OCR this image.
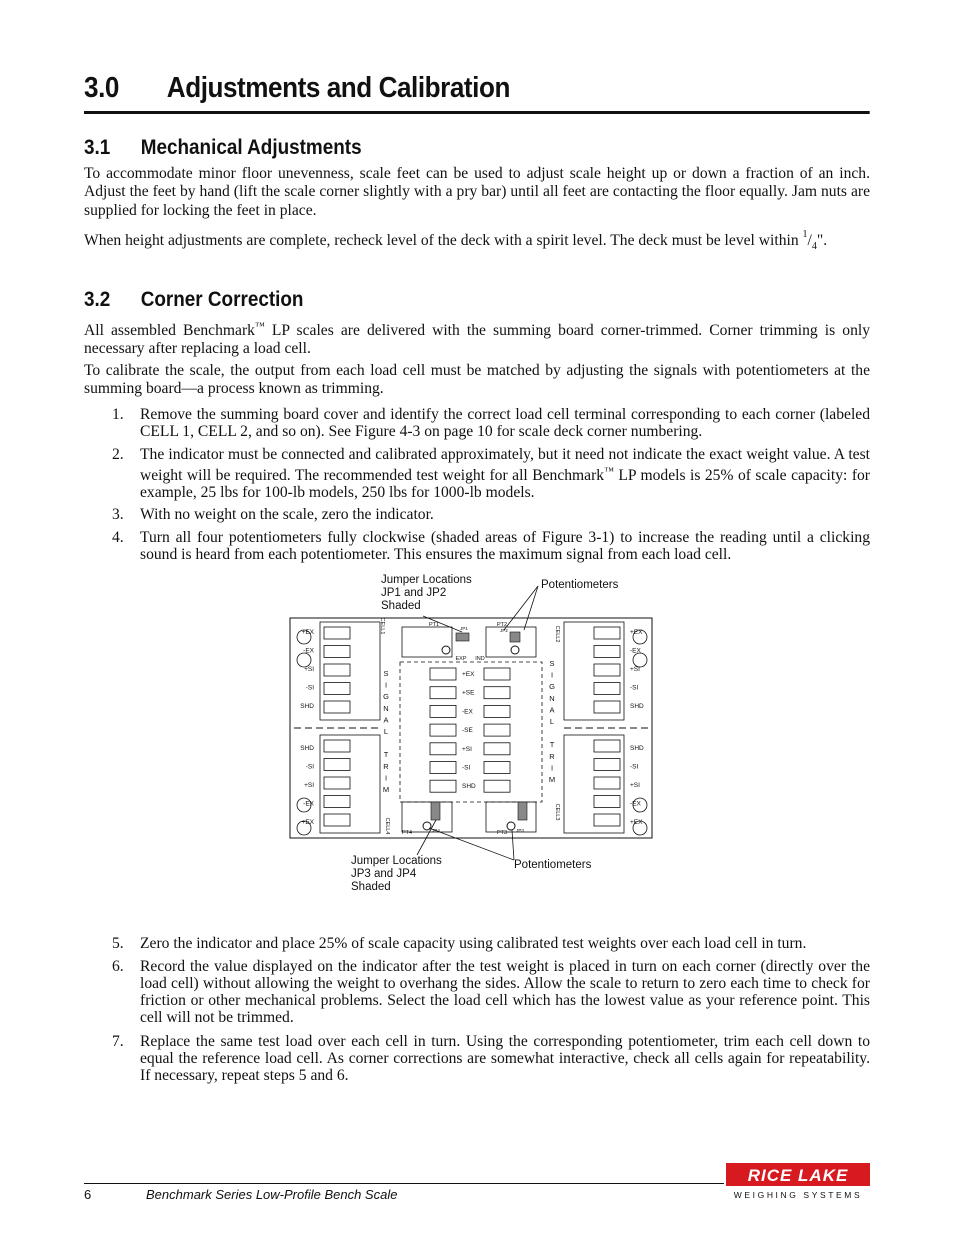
3.0 Adjustments and Calibration
3.1 Mechanical Adjustments
To accommodate minor floor unevenness, scale feet can be used to adjust scale height up or down a fraction of an inch. Adjust the feet by hand (lift the scale corner slightly with a pry bar) until all feet are contacting the floor equally. Jam nuts are supplied for locking the feet in place.
When height adjustments are complete, recheck level of the deck with a spirit level. The deck must be level within $^1/_4$".
3.2 Corner Correction
All assembled Benchmark™ LP scales are delivered with the summing board corner-trimmed. Corner trimming is only necessary after replacing a load cell.
To calibrate the scale, the output from each load cell must be matched by adjusting the signals with potentiometers at the summing board—a process known as trimming.
1.	Remove the summing board cover and identify the correct load cell terminal corresponding to each corner (labeled CELL 1, CELL 2, and so on). See Figure 4-3 on page 10 for scale deck corner numbering.
2.	The indicator must be connected and calibrated approximately, but it need not indicate the exact weight value. A test weight will be required. The recommended test weight for all Benchmark™ LP models is 25% of scale capacity: for example, 25 lbs for 100-lb models, 250 lbs for 1000-lb models.
3.	With no weight on the scale, zero the indicator.
4.	Turn all four potentiometers fully clockwise (shaded areas of Figure 3-1) to increase the reading until a clicking sound is heard from each potentiometer. This ensures the maximum signal from each load cell.
Jumper Locations
JP1 and JP2
Shaded
Potentiometers
Jumper Locations
JP3 and JP4
Shaded
Potentiometers
+EX
-EX
+SI
-SI
SHD
SHD
-SI
+SI
-EX
+EX
+EX
-EX
+SI
-SI
SHD
SHD
-SI
+SI
-EX
+EX
+EX
+SE
-EX
-SE
+SI
-SI
SHD
S
S
I
I
G
G
N
N
A
A
L
L
T
T
R
R
I
I
M
M
PT1	PT2
PT3
PT4
JP1	JP2
JP3
JP4
CELL1	CELL2
CELL3
CELL4
EXP IND
5.	Zero the indicator and place 25% of scale capacity using calibrated test weights over each load cell in turn.
6.	Record the value displayed on the indicator after the test weight is placed in turn on each corner (directly over the load cell) without allowing the weight to overhang the sides. Allow the scale to return to zero each time to check for friction or other mechanical problems. Select the load cell which has the lowest value as your reference point. This cell will not be trimmed.
7.	Replace the same test load over each cell in turn. Using the corresponding potentiometer, trim each cell down to equal the reference load cell. As corner corrections are somewhat interactive, check all cells again for repeatability. If necessary, repeat steps 5 and 6.
6	Benchmark Series Low-Profile Bench Scale
RICE LAKE
WEIGHING SYSTEMS
